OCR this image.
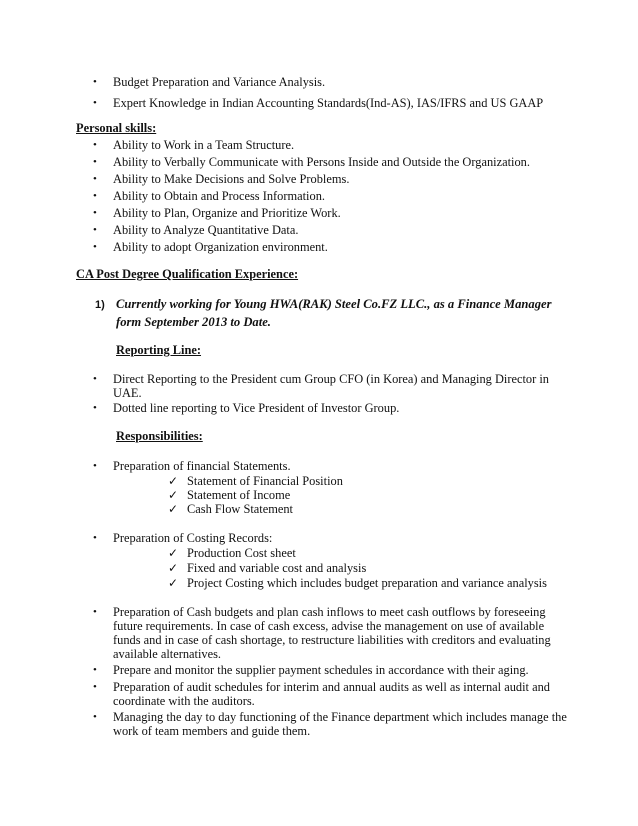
• Budget Preparation and Variance Analysis.
• Expert Knowledge in Indian Accounting Standards(Ind-AS), IAS/IFRS and US GAAP
Personal skills:
• Ability to Work in a Team Structure.
• Ability to Verbally Communicate with Persons Inside and Outside the Organization.
• Ability to Make Decisions and Solve Problems.
• Ability to Obtain and Process Information.
• Ability to Plan, Organize and Prioritize Work.
• Ability to Analyze Quantitative Data.
• Ability to adopt Organization environment.
CA Post Degree Qualification Experience:
1) Currently working for Young HWA(RAK) Steel Co.FZ LLC., as a Finance Manager
form September 2013 to Date.
Reporting Line:
• Direct Reporting to the President cum Group CFO (in Korea) and Managing Director in
UAE.
• Dotted line reporting to Vice President of Investor Group.
Responsibilities:
• Preparation of financial Statements.
✓ Statement of Financial Position
✓ Statement of Income
✓ Cash Flow Statement
• Preparation of Costing Records:
✓ Production Cost sheet
✓ Fixed and variable cost and analysis
✓ Project Costing which includes budget preparation and variance analysis
• Preparation of Cash budgets and plan cash inflows to meet cash outflows by foreseeing
future requirements. In case of cash excess, advise the management on use of available
funds and in case of cash shortage, to restructure liabilities with creditors and evaluating
available alternatives.
• Prepare and monitor the supplier payment schedules in accordance with their aging.
• Preparation of audit schedules for interim and annual audits as well as internal audit and
coordinate with the auditors.
• Managing the day to day functioning of the Finance department which includes manage the
work of team members and guide them.
